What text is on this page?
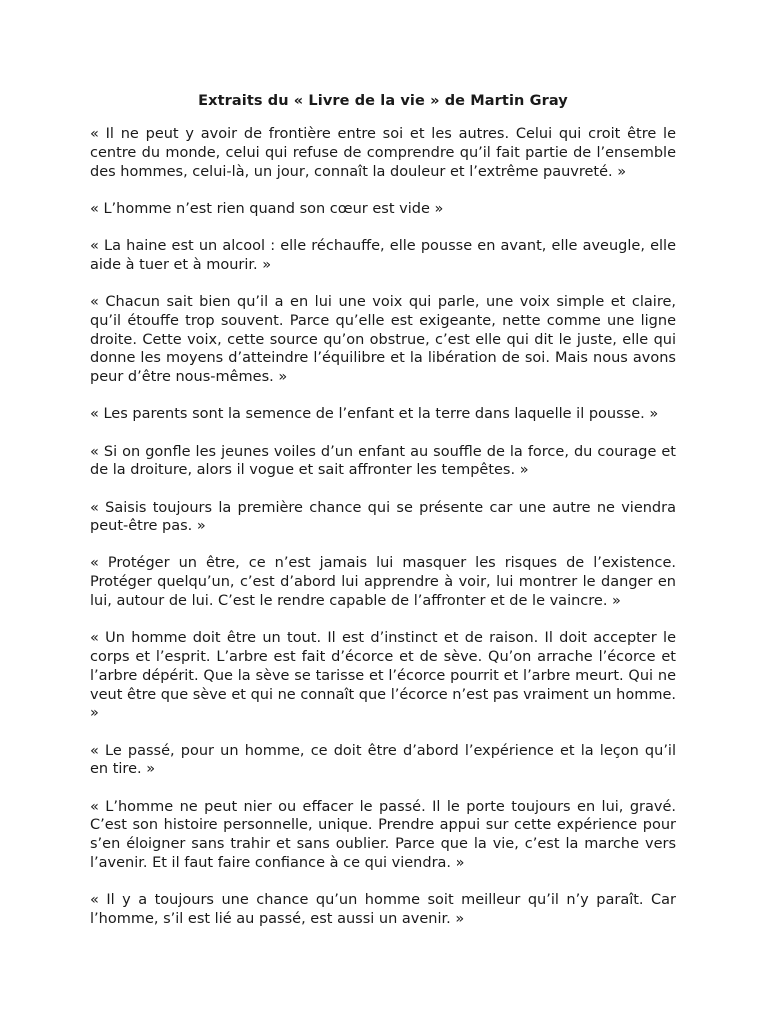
Extraits du « Livre de la vie » de Martin Gray

« Il ne peut y avoir de frontière entre soi et les autres. Celui qui croit être le centre du monde, celui qui refuse de comprendre qu’il fait partie de l’ensemble des hommes, celui-là, un jour, connaît la douleur et l’extrême pauvreté. »

« L’homme n’est rien quand son cœur est vide »

« La haine est un alcool : elle réchauffe, elle pousse en avant, elle aveugle, elle aide à tuer et à mourir. »

« Chacun sait bien qu’il a en lui une voix qui parle, une voix simple et claire, qu’il étouffe trop souvent. Parce qu’elle est exigeante, nette comme une ligne droite. Cette voix, cette source qu’on obstrue, c’est elle qui dit le juste, elle qui donne les moyens d’atteindre l’équilibre et la libération de soi. Mais nous avons peur d’être nous-mêmes. »

« Les parents sont la semence de l’enfant et la terre dans laquelle il pousse. »

« Si on gonfle les jeunes voiles d’un enfant au souffle de la force, du courage et de la droiture, alors il vogue et sait affronter les tempêtes. »

« Saisis toujours la première chance qui se présente car une autre ne viendra peut-être pas. »

« Protéger un être, ce n’est jamais lui masquer les risques de l’existence. Protéger quelqu’un, c’est d’abord lui apprendre à voir, lui montrer le danger en lui, autour de lui. C’est le rendre capable de l’affronter et de le vaincre. »

« Un homme doit être un tout. Il est d’instinct et de raison. Il doit accepter le corps et l’esprit. L’arbre est fait d’écorce et de sève. Qu’on arrache l’écorce et l’arbre dépérit. Que la sève se tarisse et l’écorce pourrit et l’arbre meurt. Qui ne veut être que sève et qui ne connaît que l’écorce n’est pas vraiment un homme. »

« Le passé, pour un homme, ce doit être d’abord l’expérience et la leçon qu’il en tire. »

« L’homme ne peut nier ou effacer le passé. Il le porte toujours en lui, gravé. C’est son histoire personnelle, unique. Prendre appui sur cette expérience pour s’en éloigner sans trahir et sans oublier. Parce que la vie, c’est la marche vers l’avenir. Et il faut faire confiance à ce qui viendra. »

« Il y a toujours une chance qu’un homme soit meilleur qu’il n’y paraît. Car l’homme, s’il est lié au passé, est aussi un avenir. »
